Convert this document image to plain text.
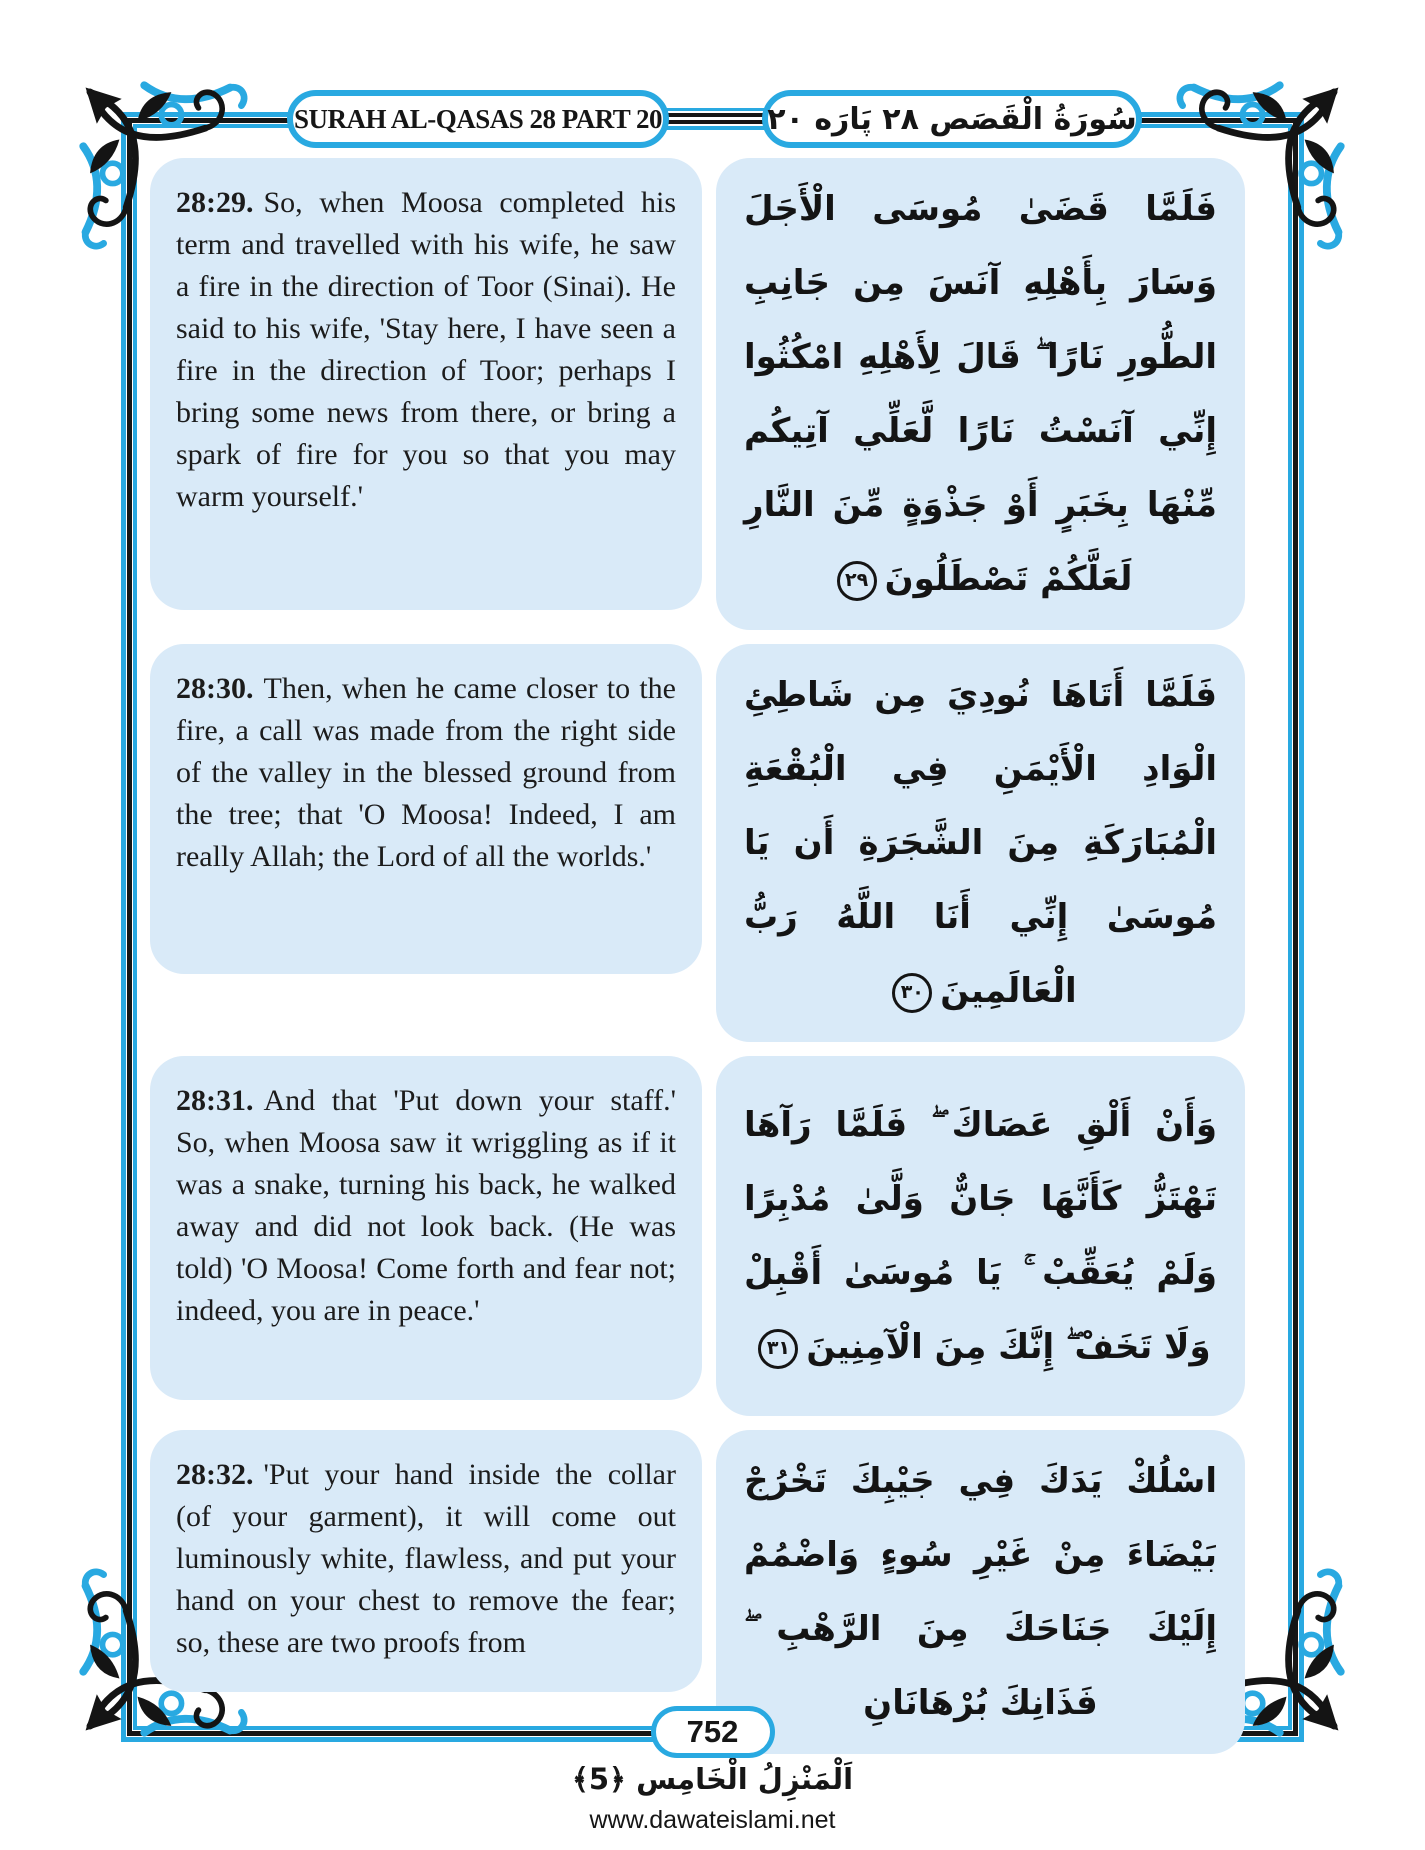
SURAH AL-QASAS 28 PART 20	سُورَةُ الْقَصَص ٢٨ پَارَه ٢٠
28:29. So, when Moosa completed his term and travelled with his wife, he saw a fire in the direction of Toor (Sinai). He said to his wife, 'Stay here, I have seen a fire in the direction of Toor; perhaps I bring some news from there, or bring a spark of fire for you so that you may warm yourself.'
فَلَمَّا قَضَىٰ مُوسَى الْأَجَلَ وَسَارَ بِأَهْلِهِ آنَسَ مِن جَانِبِ الطُّورِ نَارًا ۖ قَالَ لِأَهْلِهِ امْكُثُوا إِنِّي آنَسْتُ نَارًا لَّعَلِّي آتِيكُم مِّنْهَا بِخَبَرٍ أَوْ جَذْوَةٍ مِّنَ النَّارِ لَعَلَّكُمْ تَصْطَلُونَ٢٩
28:30. Then, when he came closer to the fire, a call was made from the right side of the valley in the blessed ground from the tree; that 'O Moosa! Indeed, I am really Allah; the Lord of all the worlds.'
فَلَمَّا أَتَاهَا نُودِيَ مِن شَاطِئِ الْوَادِ الْأَيْمَنِ فِي الْبُقْعَةِ الْمُبَارَكَةِ مِنَ الشَّجَرَةِ أَن يَا مُوسَىٰ إِنِّي أَنَا اللَّهُ رَبُّ الْعَالَمِينَ٣٠
28:31. And that 'Put down your staff.' So, when Moosa saw it wriggling as if it was a snake, turning his back, he walked away and did not look back. (He was told) 'O Moosa! Come forth and fear not; indeed, you are in peace.'
وَأَنْ أَلْقِ عَصَاكَ ۖ فَلَمَّا رَآهَا تَهْتَزُّ كَأَنَّهَا جَانٌّ وَلَّىٰ مُدْبِرًا وَلَمْ يُعَقِّبْ ۚ يَا مُوسَىٰ أَقْبِلْ وَلَا تَخَفْ ۖ إِنَّكَ مِنَ الْآمِنِينَ٣١
28:32. 'Put your hand inside the collar (of your garment), it will come out luminously white, flawless, and put your hand on your chest to remove the fear; so, these are two proofs from
اسْلُكْ يَدَكَ فِي جَيْبِكَ تَخْرُجْ بَيْضَاءَ مِنْ غَيْرِ سُوءٍ وَاضْمُمْ إِلَيْكَ جَنَاحَكَ مِنَ الرَّهْبِ ۖ فَذَانِكَ بُرْهَانَانِ
752
اَلْمَنْزِلُ الْخَامِس ﴿5﴾
www.dawateislami.net
